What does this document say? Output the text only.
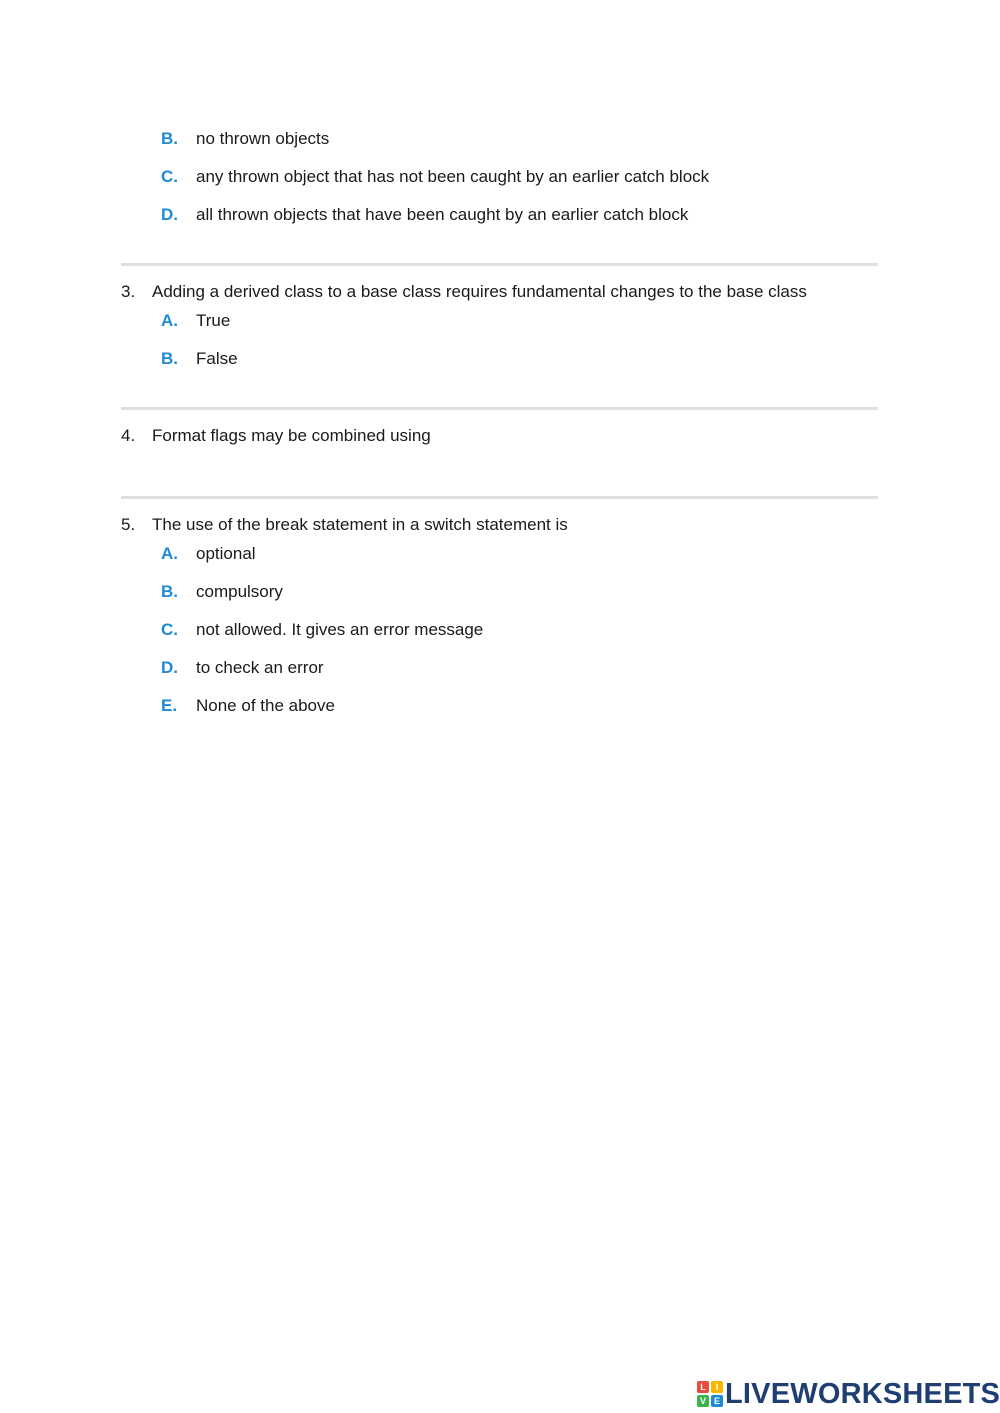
B.	no thrown objects
C.	any thrown object that has not been caught by an earlier catch block
D.	all thrown objects that have been caught by an earlier catch block
3. Adding a derived class to a base class requires fundamental changes to the base class
A.	True
B.	False
4. Format flags may be combined using
5. The use of the break statement in a switch statement is
A.	optional
B.	compulsory
C.	not allowed. It gives an error message
D.	to check an error
E.	None of the above
L	I
V E LIVEWORKSHEETS
